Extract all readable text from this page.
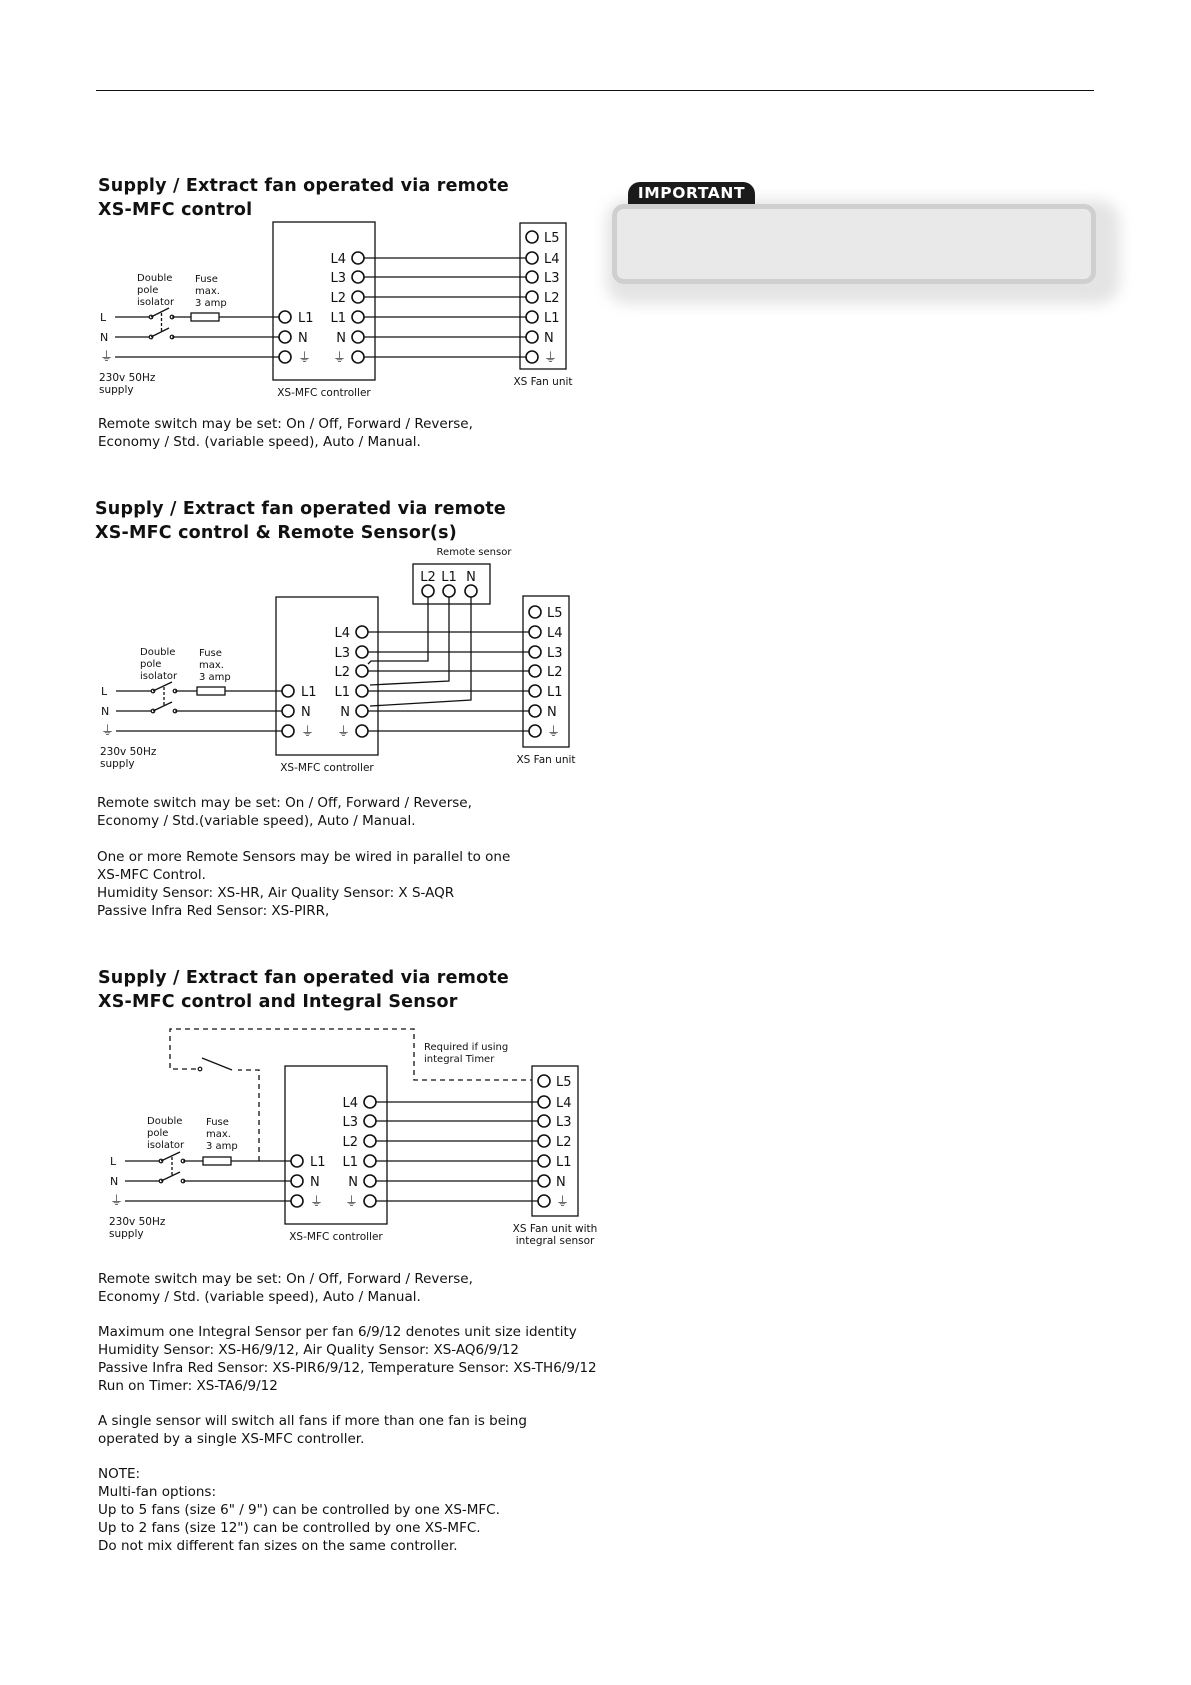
IMPORTANT
Supply / Extract fan operated via remote
XS-MFC control
Remote switch may be set: On / Off, Forward / Reverse,
Economy / Std. (variable speed), Auto / Manual.
Supply / Extract fan operated via remote
XS-MFC control & Remote Sensor(s)
Remote switch may be set: On / Off, Forward / Reverse,
Economy / Std.(variable speed), Auto / Manual.
One or more Remote Sensors may be wired in parallel to one
XS-MFC Control.
Humidity Sensor: XS-HR, Air Quality Sensor: X S-AQR
Passive Infra Red Sensor: XS-PIRR,
Supply / Extract fan operated via remote
XS-MFC control and Integral Sensor
Remote switch may be set: On / Off, Forward / Reverse,
Economy / Std. (variable speed), Auto / Manual.
Maximum one Integral Sensor per fan 6/9/12 denotes unit size identity
Humidity Sensor: XS-H6/9/12, Air Quality Sensor: XS-AQ6/9/12
Passive Infra Red Sensor: XS-PIR6/9/12, Temperature Sensor: XS-TH6/9/12
Run on Timer: XS-TA6/9/12
A single sensor will switch all fans if more than one fan is being
operated by a single XS-MFC controller.
NOTE:
Multi-fan options:
Up to 5 fans (size 6" / 9") can be controlled by one XS-MFC.
Up to 2 fans (size 12") can be controlled by one XS-MFC.
Do not mix different fan sizes on the same controller.
L
N
⏚
230v 50Hz
supply
Double
pole
isolator
Fuse
max.
3 amp
XS-MFC controller
L1
N
⏚
L4
L3
L2
L1
N
⏚
L5
L4
L3
L2
L1
N
⏚
XS Fan unit
L
N
⏚
230v 50Hz
supply
Double
pole
isolator
Fuse
max.
3 amp
XS-MFC controller
L1
N
⏚
L4
L3
L2
L1
N
⏚
L5
L4
L3
L2
L1
N
⏚
XS Fan unit
Remote sensor
L2 L1 N
L
N
⏚
230v 50Hz
supply
Double
pole
isolator
Fuse
max.
3 amp
XS-MFC controller
L1
N
⏚
L4
L3
L2
L1
N
⏚
L5
L4
L3
L2
L1
N
⏚
XS Fan unit with
integral sensor
Required if using
integral Timer
